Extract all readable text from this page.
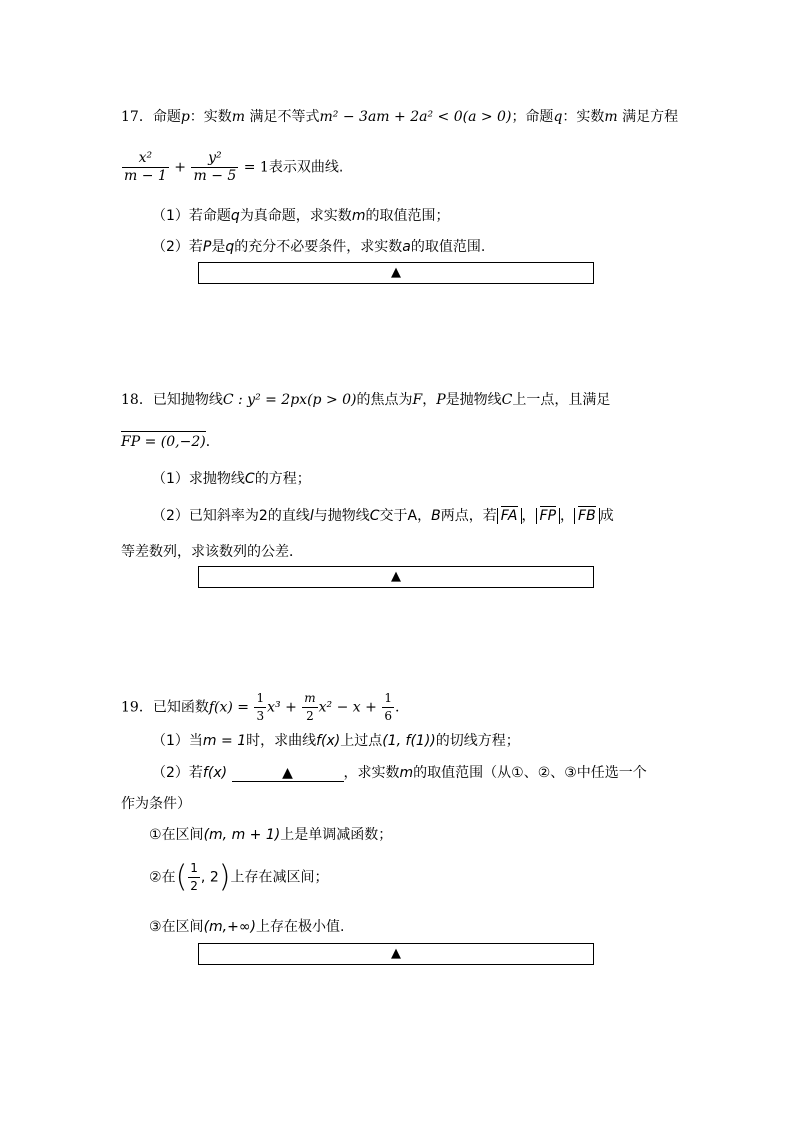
17．命题p：实数m 满足不等式m² − 3am + 2a² < 0(a > 0)；命题q：实数m 满足方程
$\frac{\text{x²}}{m - 1} + \frac{\text{y²}}{m - 5} = 1$表示双曲线.
（1）若命题q为真命题，求实数m的取值范围；
（2）若P是q的充分不必要条件，求实数a的取值范围.
▲
18．已知抛物线C : y² = 2px(p > 0)的焦点为F，P是抛物线C上一点，且满足
FP = (0,−2)．
（1）求抛物线C的方程；
（2）已知斜率为2的直线l与抛物线C交于A，B两点，若 FA ， FP ， FB 成
等差数列，求该数列的公差．
▲
19．已知函数$f(x) = \frac{1}{3} x^3 + \frac{m}{2} x^2 - x + \frac{1}{6}$ .
（1）当m = 1时，求曲线f(x)上过点(1, f(1))的切线方程；
（2）若f(x)	▲	，求实数m的取值范围（从①、②、③中任选一个
作为条件）
①在区间(m, m + 1)上是单调减函数；
②在( $\frac{1}{2}$ , 2)上存在减区间；
③在区间(m,+∞)上存在极小值.
▲
